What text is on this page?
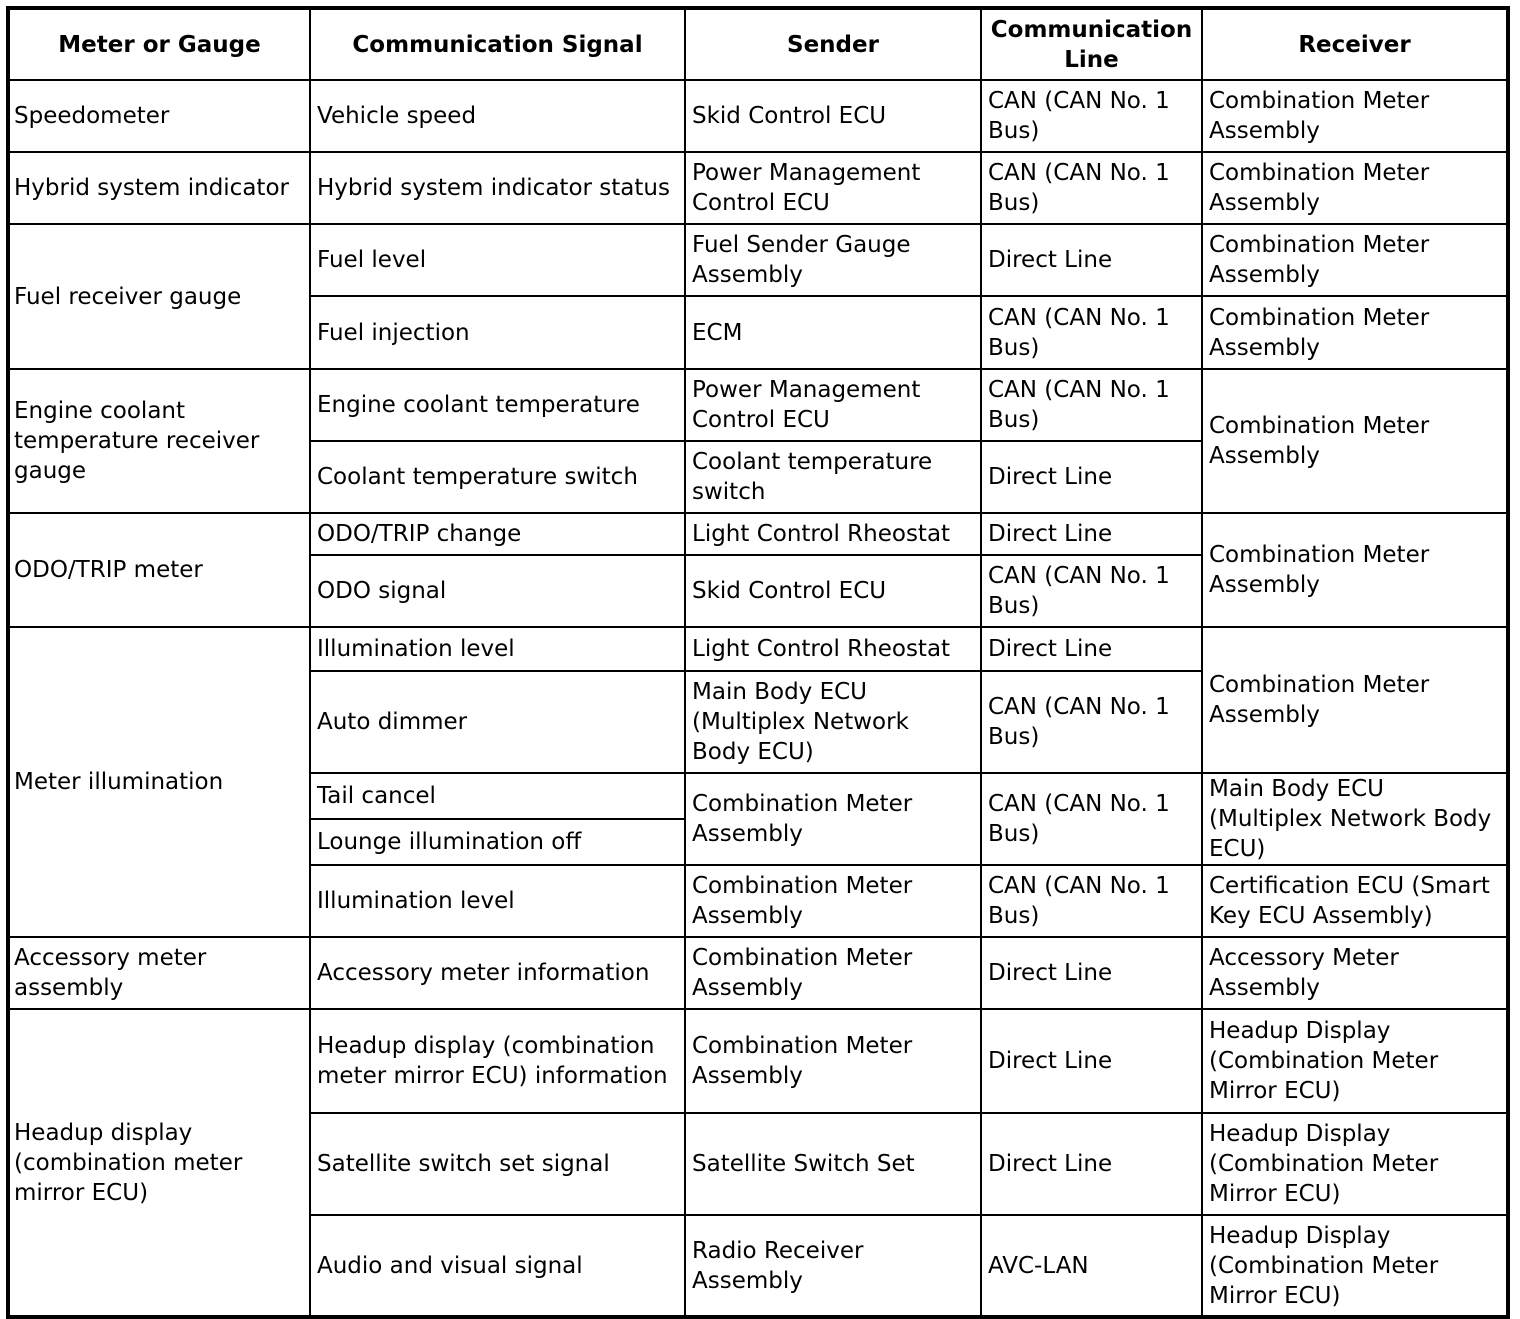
Meter or Gauge	Communication Signal	Sender	Communication Line	Receiver
Speedometer	Vehicle speed	Skid Control ECU	CAN (CAN No. 1 Bus)	Combination Meter Assembly
Hybrid system indicator	Hybrid system indicator status	Power Management Control ECU	CAN (CAN No. 1 Bus)	Combination Meter Assembly
Fuel receiver gauge	Fuel level	Fuel Sender Gauge Assembly	Direct Line	Combination Meter Assembly
	Fuel injection	ECM	CAN (CAN No. 1 Bus)	Combination Meter Assembly
Engine coolant temperature receiver gauge	Engine coolant temperature	Power Management Control ECU	CAN (CAN No. 1 Bus)	Combination Meter Assembly
	Coolant temperature switch	Coolant temperature switch	Direct Line	
ODO/TRIP meter	ODO/TRIP change	Light Control Rheostat	Direct Line	Combination Meter Assembly
	ODO signal	Skid Control ECU	CAN (CAN No. 1 Bus)	
Meter illumination	Illumination level	Light Control Rheostat	Direct Line	Combination Meter Assembly
	Auto dimmer	Main Body ECU (Multiplex Network Body ECU)	CAN (CAN No. 1 Bus)	
	Tail cancel	Combination Meter Assembly	CAN (CAN No. 1 Bus)	Main Body ECU (Multiplex Network Body ECU)
	Lounge illumination off			
	Illumination level	Combination Meter Assembly	CAN (CAN No. 1 Bus)	Certification ECU (Smart Key ECU Assembly)
Accessory meter assembly	Accessory meter information	Combination Meter Assembly	Direct Line	Accessory Meter Assembly
Headup display (combination meter mirror ECU)	Headup display (combination meter mirror ECU) information	Combination Meter Assembly	Direct Line	Headup Display (Combination Meter Mirror ECU)
	Satellite switch set signal	Satellite Switch Set	Direct Line	Headup Display (Combination Meter Mirror ECU)
	Audio and visual signal	Radio Receiver Assembly	AVC-LAN	Headup Display (Combination Meter Mirror ECU)
